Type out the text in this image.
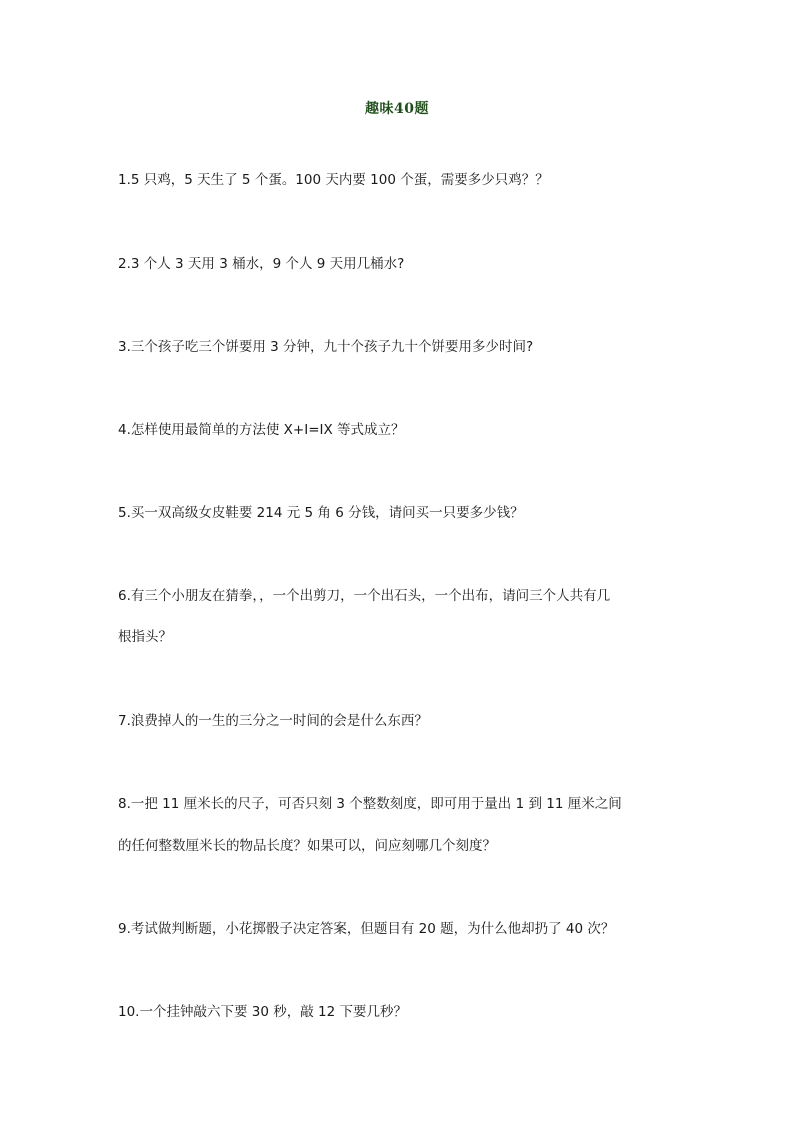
趣味40题
1.5 只鸡，5 天生了 5 个蛋。100 天内要 100 个蛋，需要多少只鸡？？
2.3 个人 3 天用 3 桶水，9 个人 9 天用几桶水?
3.三个孩子吃三个饼要用 3 分钟，九十个孩子九十个饼要用多少时间?
4.怎样使用最简单的方法使 X+I=IX 等式成立？
5.买一双高级女皮鞋要 214 元 5 角 6 分钱，请问买一只要多少钱？
6.有三个小朋友在猜拳，，一个出剪刀，一个出石头，一个出布，请问三个人共有几
根指头？
7.浪费掉人的一生的三分之一时间的会是什么东西？
8.一把 11 厘米长的尺子，可否只刻 3 个整数刻度，即可用于量出 1 到 11 厘米之间
的任何整数厘米长的物品长度？如果可以，问应刻哪几个刻度？
9.考试做判断题，小花掷骰子决定答案，但题目有 20 题，为什么他却扔了 40 次？
10.一个挂钟敲六下要 30 秒，敲 12 下要几秒？
